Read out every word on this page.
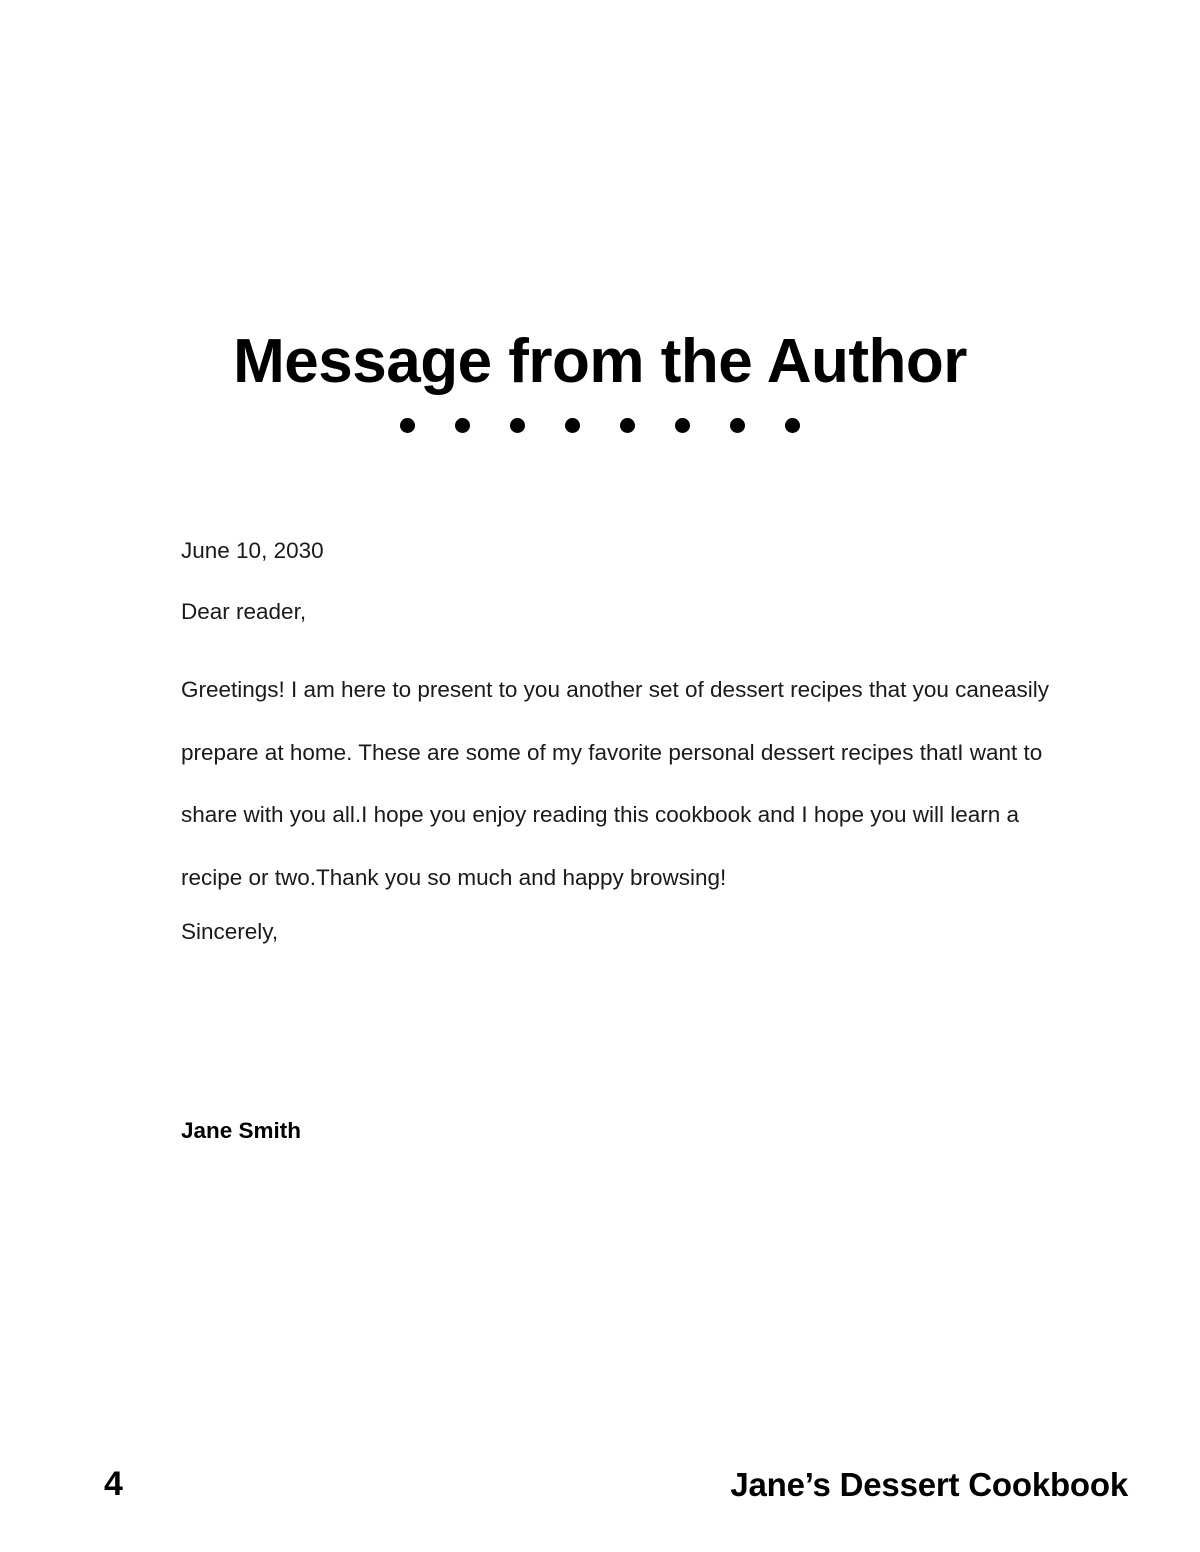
Message from the Author

June 10, 2030

Dear reader,

Greetings! I am here to present to you another set of dessert recipes that you caneasily prepare at home. These are some of my favorite personal dessert recipes thatI want to share with you all.I hope you enjoy reading this cookbook and I hope you will learn a recipe or two.Thank you so much and happy browsing!

Sincerely,

Jane Smith
4	Jane’s Dessert Cookbook
